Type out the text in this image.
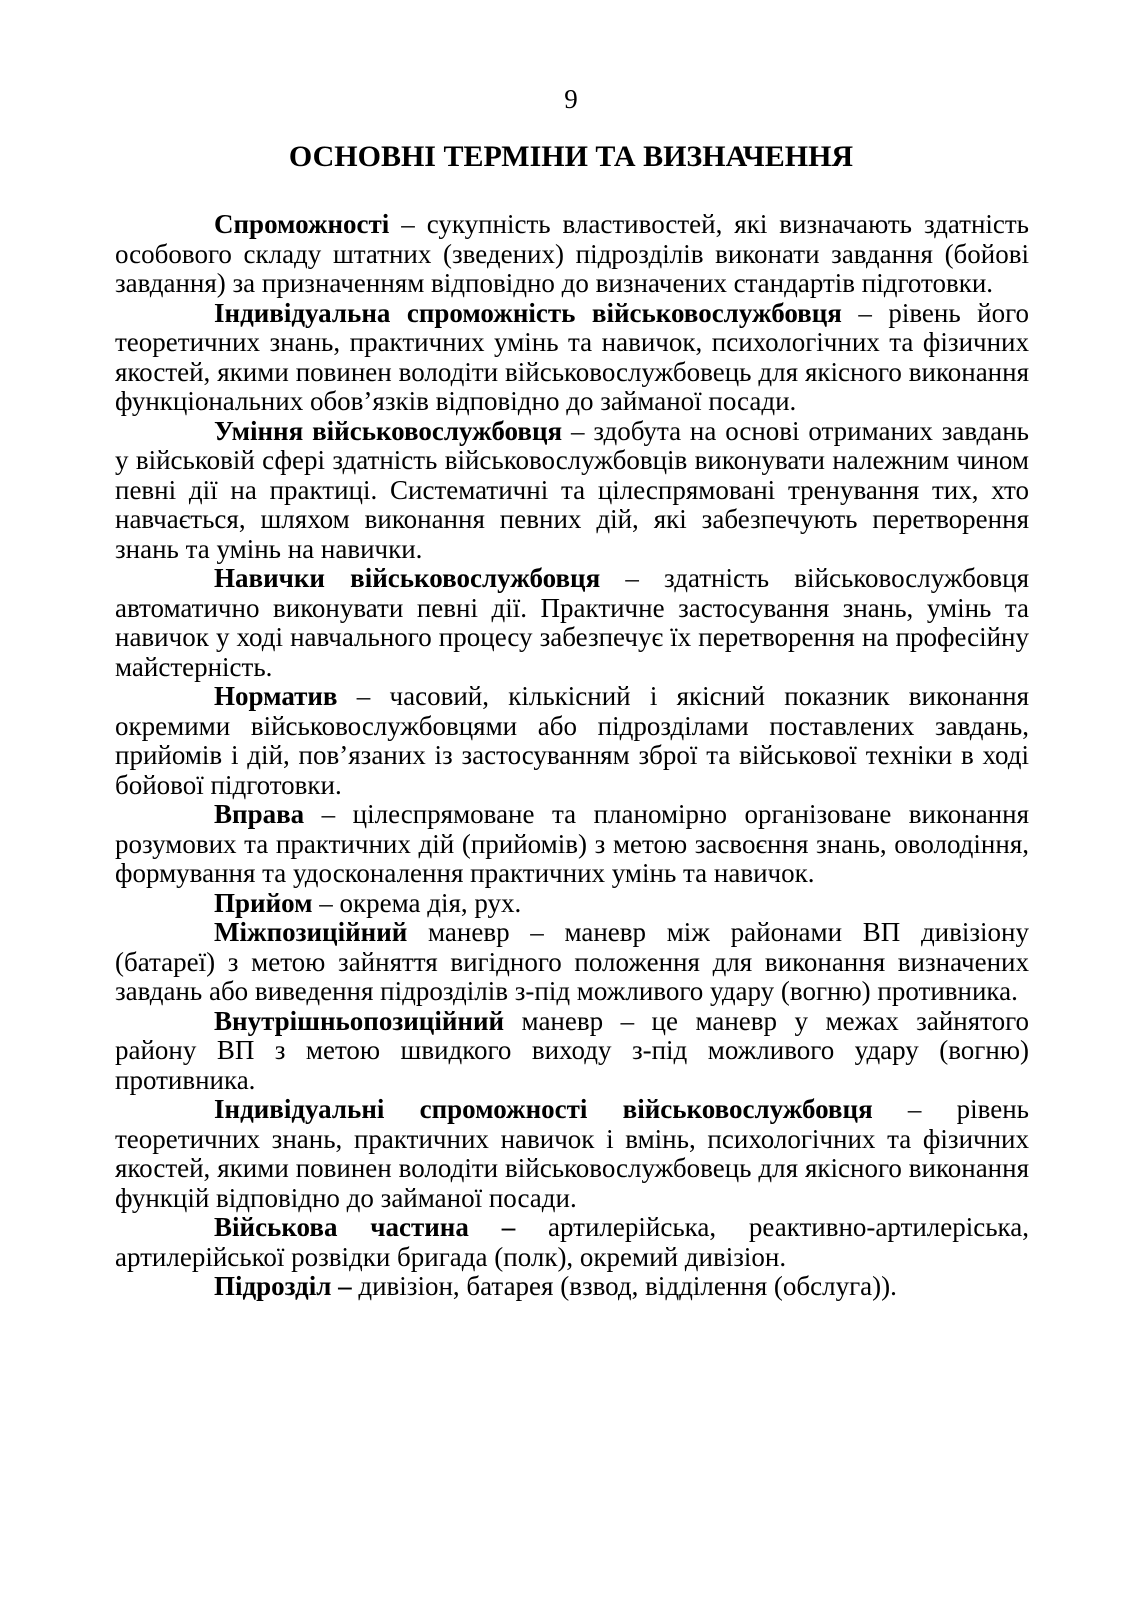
9
ОСНОВНІ ТЕРМІНИ ТА ВИЗНАЧЕННЯ

Спроможності – сукупність властивостей, які визначають здатність особового складу штатних (зведених) підрозділів виконати завдання (бойові завдання) за призначенням відповідно до визначених стандартів підготовки.

Індивідуальна спроможність військовослужбовця – рівень його теоретичних знань, практичних умінь та навичок, психологічних та фізичних якостей, якими повинен володіти військовослужбовець для якісного виконання функціональних обов’язків відповідно до займаної посади.

Уміння військовослужбовця – здобута на основі отриманих завдань у військовій сфері здатність військовослужбовців виконувати належним чином певні дії на практиці. Систематичні та цілеспрямовані тренування тих, хто навчається, шляхом виконання певних дій, які забезпечують перетворення знань та умінь на навички.

Навички військовослужбовця – здатність військовослужбовця автоматично виконувати певні дії. Практичне застосування знань, умінь та навичок у ході навчального процесу забезпечує їх перетворення на професійну майстерність.

Норматив – часовий, кількісний і якісний показник виконання окремими військовослужбовцями або підрозділами поставлених завдань, прийомів і дій, пов’язаних із застосуванням зброї та військової техніки в ході бойової підготовки.

Вправа – цілеспрямоване та планомірно організоване виконання розумових та практичних дій (прийомів) з метою засвоєння знань, оволодіння, формування та удосконалення практичних умінь та навичок.

Прийом – окрема дія, рух.

Міжпозиційний маневр – маневр між районами ВП дивізіону (батареї) з метою зайняття вигідного положення для виконання визначених завдань або виведення підрозділів з-під можливого удару (вогню) противника.

Внутрішньопозиційний маневр – це маневр у межах зайнятого району ВП з метою швидкого виходу з-під можливого удару (вогню) противника.

Індивідуальні спроможності військовослужбовця – рівень теоретичних знань, практичних навичок і вмінь, психологічних та фізичних якостей, якими повинен володіти військовослужбовець для якісного виконання функцій відповідно до займаної посади.

Військова частина – артилерійська, реактивно-артилеріська, артилерійської розвідки бригада (полк), окремий дивізіон.

Підрозділ – дивізіон, батарея (взвод, відділення (обслуга)).
